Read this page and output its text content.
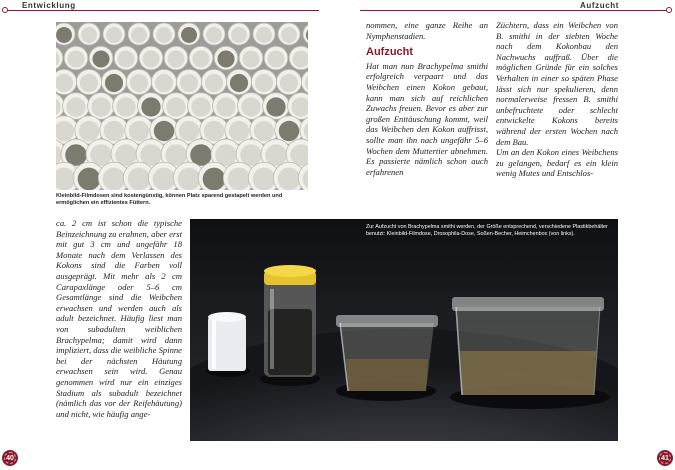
Entwicklung	Aufzucht
Kleinbild-Filmdosen sind kostengünstig, können Platz sparend gestapelt werden und ermöglichen ein effizientes Füttern.

nommen, eine ganze Reihe an Nymphenstadien.

Aufzucht

Hat man nun Brachypelma smithi erfolgreich verpaart und das Weibchen einen Kokon gebaut, kann man sich auf reichlichen Zuwachs freuen. Bevor es aber zur großen Enttäuschung kommt, weil das Weibchen den Kokon auffrisst, sollte man ihn nach ungefähr 5–6 Wochen dem Muttertier abnehmen. Es passierte nämlich schon auch erfahrenen

Züchtern, dass ein Weibchen von B. smithi in der siebten Woche nach dem Kokonbau den Nachwuchs auffraß. Über die möglichen Gründe für ein solches Verhalten in einer so späten Phase lässt sich nur spekulieren, denn normalerweise fressen B. smithi unbefruchtete oder schlecht entwickelte Kokons bereits während der ersten Wochen nach dem Bau.

Um an den Kokon eines Weibchens zu gelangen, bedarf es ein klein wenig Mutes und Entschlos-

ca. 2 cm ist schon die typische Beinzeichnung zu erahnen, aber erst mit gut 3 cm und ungefähr 18 Monate nach dem Verlassen des Kokons sind die Farben voll ausgeprägt. Mit mehr als 2 cm Carapaxlänge oder 5–6 cm Gesamtlänge sind die Weibchen erwachsen und werden auch als adult bezeichnet. Häufig liest man von subadulten weiblichen Brachypelma; damit wird dann impliziert, dass die weibliche Spinne bei der nächsten Häutung erwachsen sein wird. Genau genommen wird nur ein einziges Stadium als subadult bezeichnet (nämlich das vor der Reifehäutung) und nicht, wie häufig ange-

Zur Aufzucht von Brachypelma smithi werden, der Größe entsprechend, verschiedene Plastikbehälter benutzt: Kleinbild-Filmdose, Drosophila-Dose, Soßen-Becher, Heimchenbox (von links).
40	41
